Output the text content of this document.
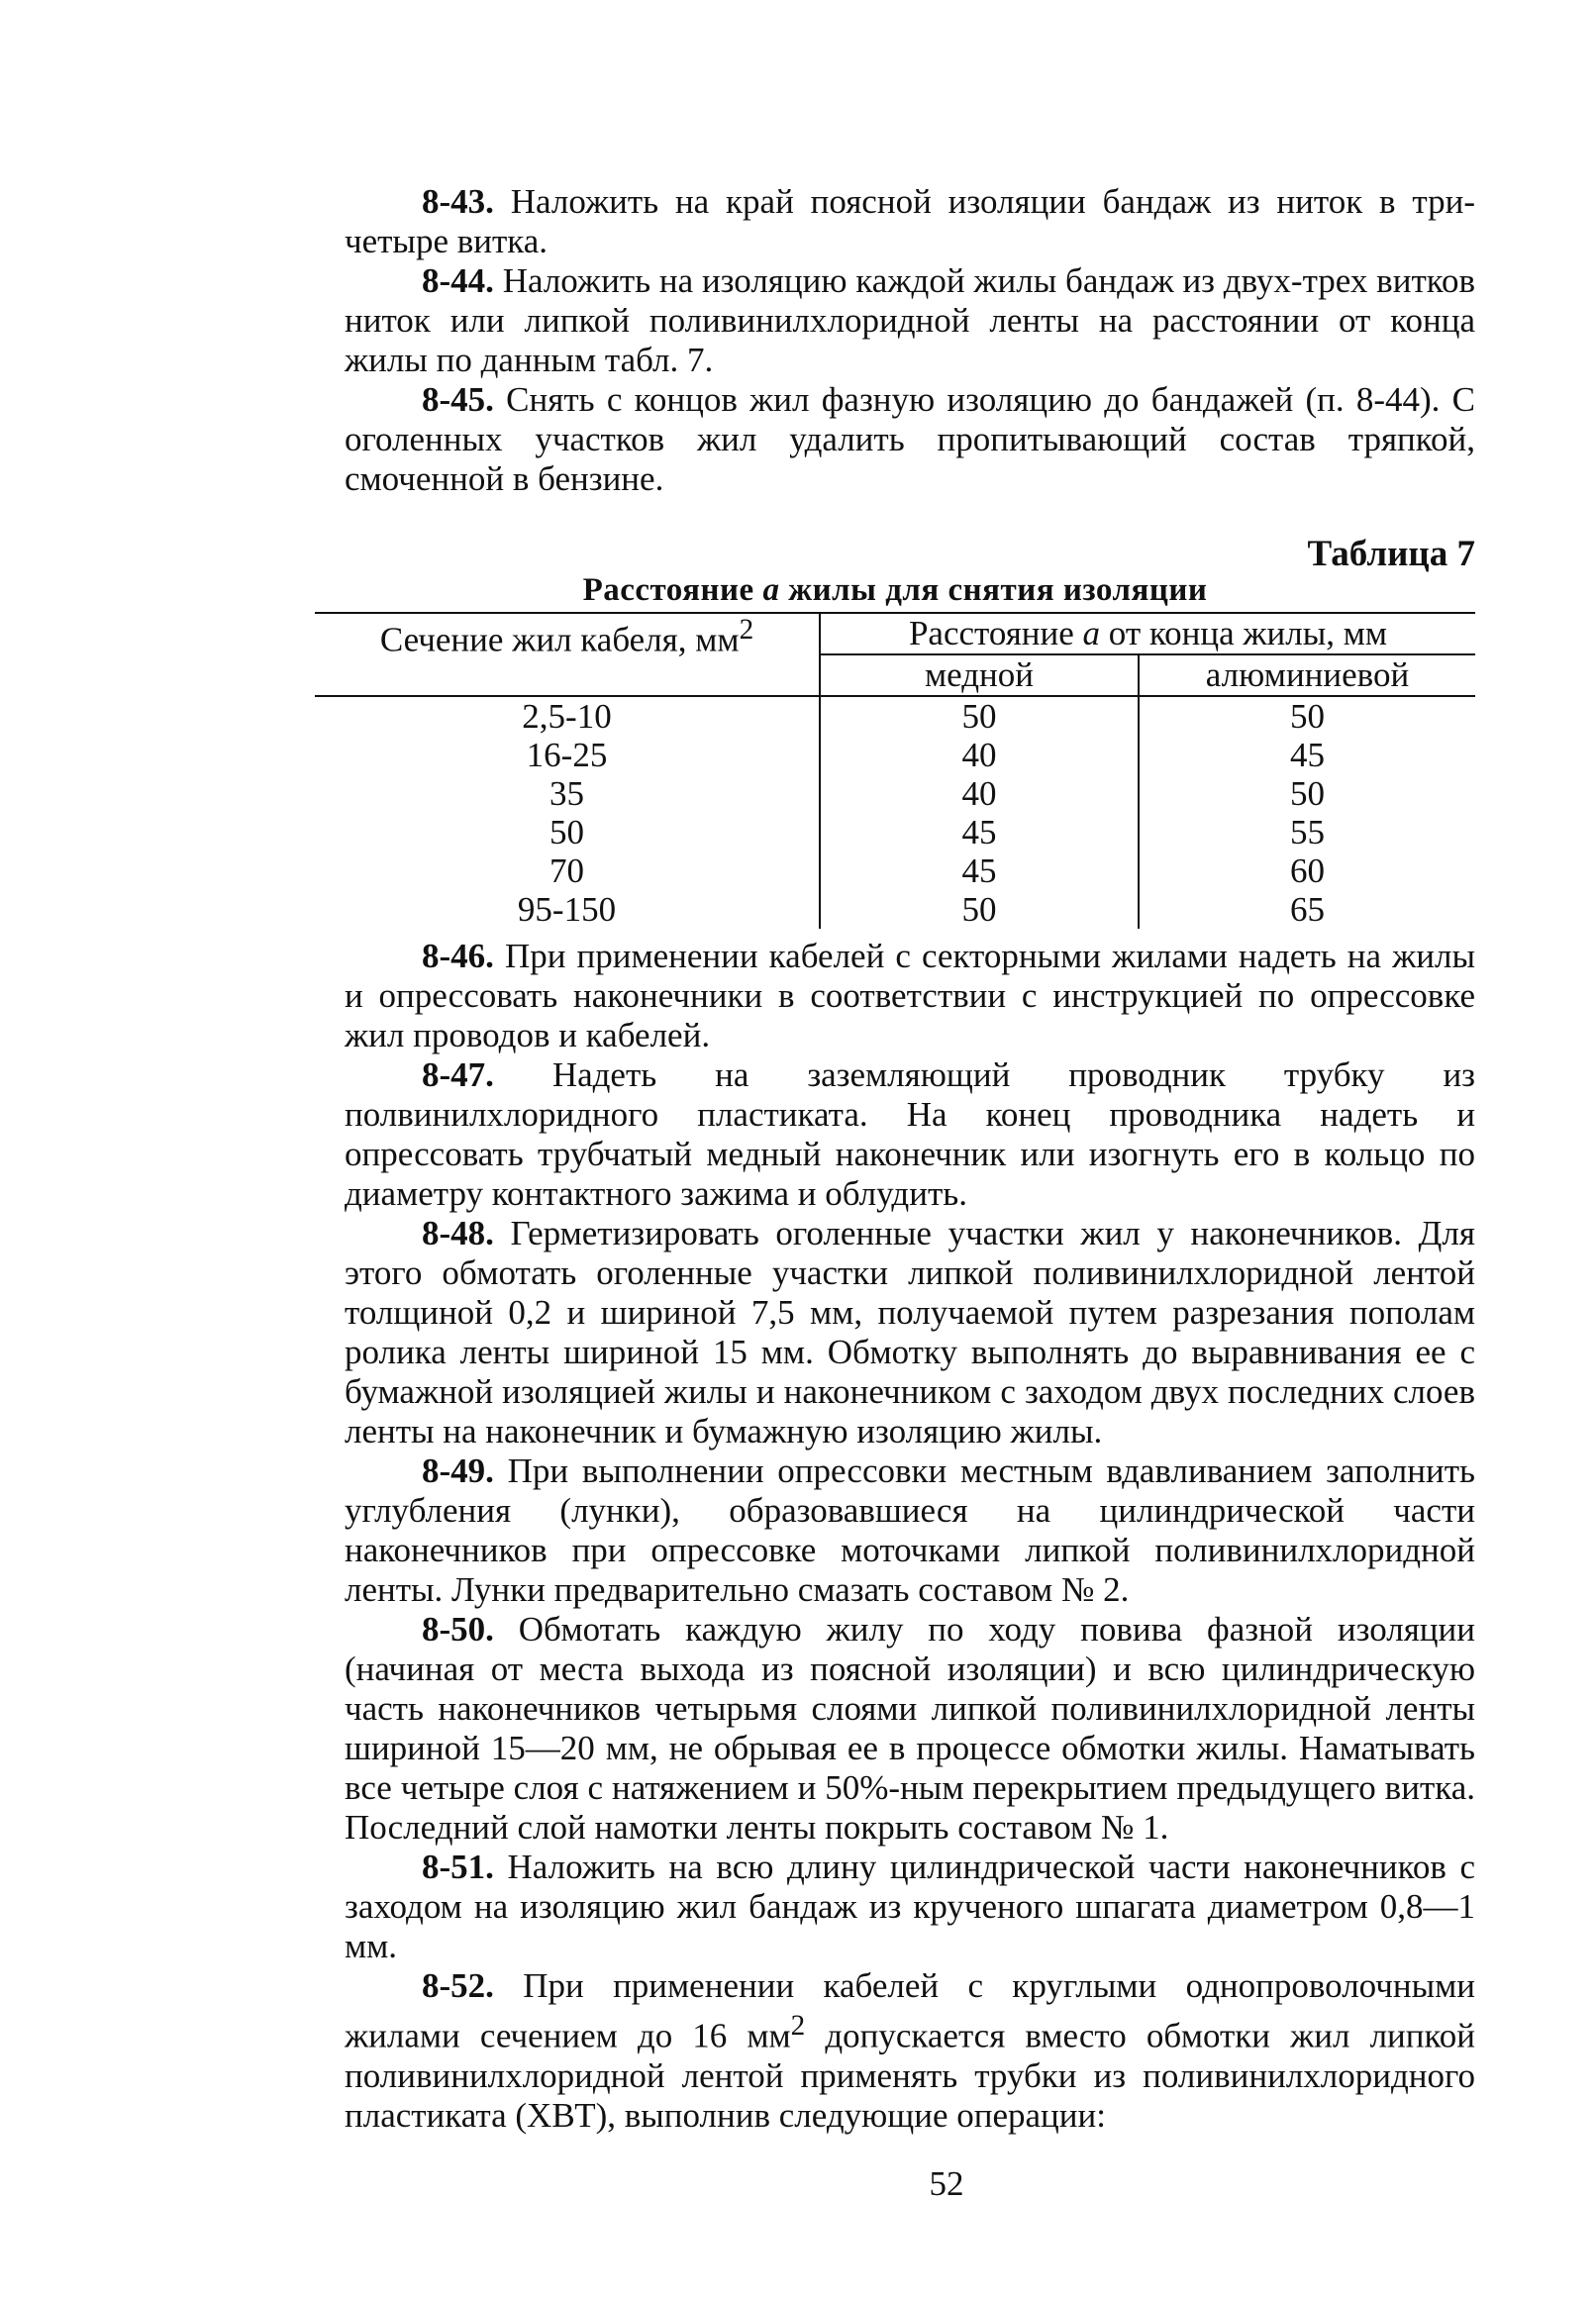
8-43. Наложить на край поясной изоляции бандаж из ниток в три-четыре витка.

8-44. Наложить на изоляцию каждой жилы бандаж из двух-трех витков ниток или липкой поливинилхлоридной ленты на расстоянии от конца жилы по данным табл. 7.

8-45. Снять с концов жил фазную изоляцию до бандажей (п. 8-44). С оголенных участков жил удалить пропитывающий состав тряпкой, смоченной в бензине.

Таблица 7
Расстояние а жилы для снятия изоляции
Сечение жил кабеля, $мм^2$	Расстояние а от конца жилы, мм	
	медной	алюминиевой
2,5-10	50	50
16-25	40	45
35	40	50
50	45	55
70	45	60
95-150	50	65

8-46. При применении кабелей с секторными жилами надеть на жилы и опрессовать наконечники в соответствии с инструкцией по опрессовке жил проводов и кабелей.

8-47. Надеть на заземляющий проводник трубку из полвинилхлоридного пластиката. На конец проводника надеть и опрессовать трубчатый медный наконечник или изогнуть его в кольцо по диаметру контактного зажима и облудить.

8-48. Герметизировать оголенные участки жил у наконечников. Для этого обмотать оголенные участки липкой поливинилхлоридной лентой толщиной 0,2 и шириной 7,5 мм, получаемой путем разрезания пополам ролика ленты шириной 15 мм. Обмотку выполнять до выравнивания ее с бумажной изоляцией жилы и наконечником с заходом двух последних слоев ленты на наконечник и бумажную изоляцию жилы.

8-49. При выполнении опрессовки местным вдавливанием заполнить углубления (лунки), образовавшиеся на цилиндрической части наконечников при опрессовке моточками липкой поливинилхлоридной ленты. Лунки предварительно смазать составом № 2.

8-50. Обмотать каждую жилу по ходу повива фазной изоляции (начиная от места выхода из поясной изоляции) и всю цилиндрическую часть наконечников четырьмя слоями липкой поливинилхлоридной ленты шириной 15—20 мм, не обрывая ее в процессе обмотки жилы. Наматывать все четыре слоя с натяжением и 50%-ным перекрытием предыдущего витка. Последний слой намотки ленты покрыть составом № 1.

8-51. Наложить на всю длину цилиндрической части наконечников с заходом на изоляцию жил бандаж из крученого шпагата диаметром 0,8—1 мм.

8-52. При применении кабелей с круглыми однопроволочными жилами сечением до 16 $мм^2$ допускается вместо обмотки жил липкой поливинилхлоридной лентой применять трубки из поливинилхлоридного пластиката (ХВТ), выполнив следующие операции:

52
